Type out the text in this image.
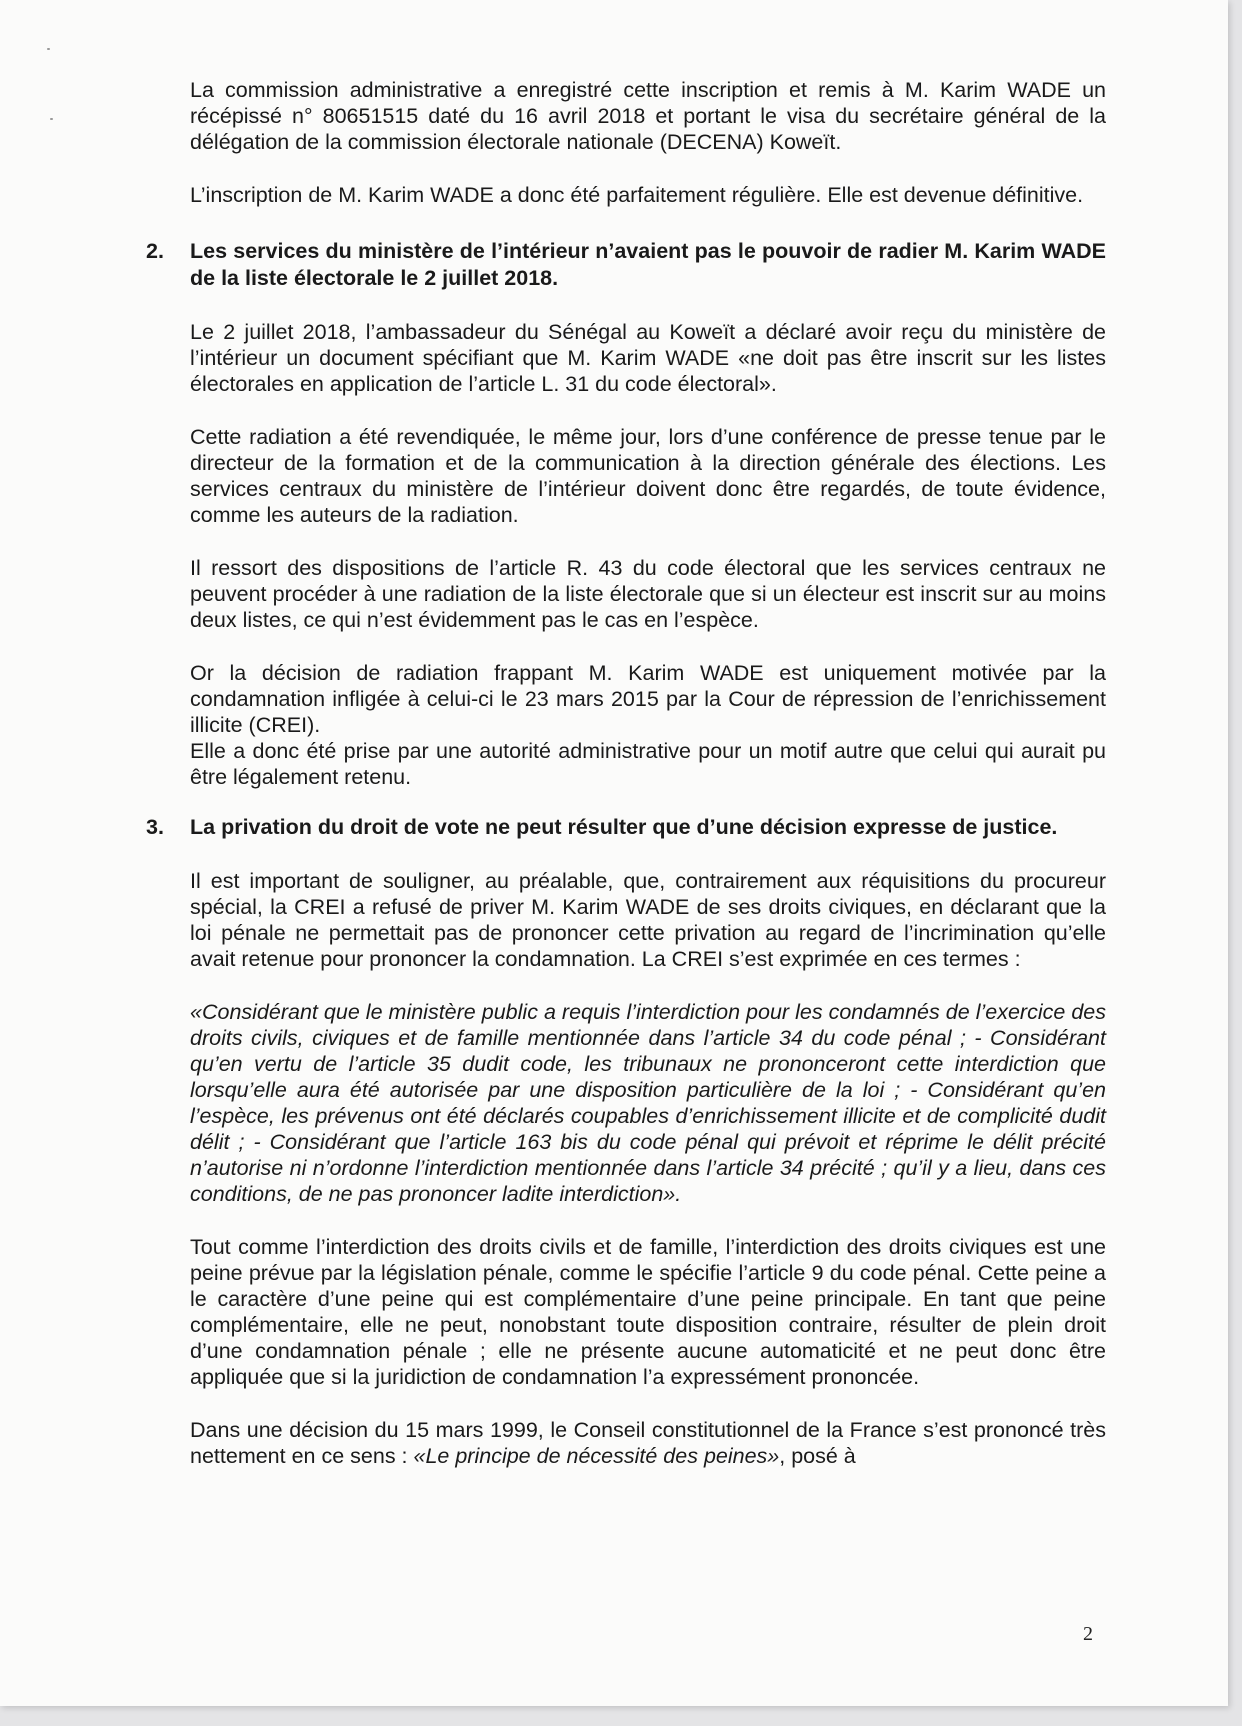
La commission administrative a enregistré cette inscription et remis à M. Karim WADE un récépissé n° 80651515 daté du 16 avril 2018 et portant le visa du secrétaire général de la délégation de la commission électorale nationale (DECENA) Koweït.

L’inscription de M. Karim WADE a donc été parfaitement régulière. Elle est devenue définitive.

2. Les services du ministère de l’intérieur n’avaient pas le pouvoir de radier M. Karim WADE de la liste électorale le 2 juillet 2018.

Le 2 juillet 2018, l’ambassadeur du Sénégal au Koweït a déclaré avoir reçu du ministère de l’intérieur un document spécifiant que M. Karim WADE «ne doit pas être inscrit sur les listes électorales en application de l’article L. 31 du code électoral».

Cette radiation a été revendiquée, le même jour, lors d’une conférence de presse tenue par le directeur de la formation et de la communication à la direction générale des élections. Les services centraux du ministère de l’intérieur doivent donc être regardés, de toute évidence, comme les auteurs de la radiation.

Il ressort des dispositions de l’article R. 43 du code électoral que les services centraux ne peuvent procéder à une radiation de la liste électorale que si un électeur est inscrit sur au moins deux listes, ce qui n’est évidemment pas le cas en l’espèce.

Or la décision de radiation frappant M. Karim WADE est uniquement motivée par la condamnation infligée à celui-ci le 23 mars 2015 par la Cour de répression de l’enrichissement illicite (CREI).

Elle a donc été prise par une autorité administrative pour un motif autre que celui qui aurait pu être légalement retenu.

3. La privation du droit de vote ne peut résulter que d’une décision expresse de justice.

Il est important de souligner, au préalable, que, contrairement aux réquisitions du procureur spécial, la CREI a refusé de priver M. Karim WADE de ses droits civiques, en déclarant que la loi pénale ne permettait pas de prononcer cette privation au regard de l’incrimination qu’elle avait retenue pour prononcer la condamnation. La CREI s’est exprimée en ces termes :

«Considérant que le ministère public a requis l’interdiction pour les condamnés de l’exercice des droits civils, civiques et de famille mentionnée dans l’article 34 du code pénal ; - Considérant qu’en vertu de l’article 35 dudit code, les tribunaux ne prononceront cette interdiction que lorsqu’elle aura été autorisée par une disposition particulière de la loi ; - Considérant qu’en l’espèce, les prévenus ont été déclarés coupables d’enrichissement illicite et de complicité dudit délit ; - Considérant que l’article 163 bis du code pénal qui prévoit et réprime le délit précité n’autorise ni n’ordonne l’interdiction mentionnée dans l’article 34 précité ; qu’il y a lieu, dans ces conditions, de ne pas prononcer ladite interdiction».

Tout comme l’interdiction des droits civils et de famille, l’interdiction des droits civiques est une peine prévue par la législation pénale, comme le spécifie l’article 9 du code pénal. Cette peine a le caractère d’une peine qui est complémentaire d’une peine principale. En tant que peine complémentaire, elle ne peut, nonobstant toute disposition contraire, résulter de plein droit d’une condamnation pénale ; elle ne présente aucune automaticité et ne peut donc être appliquée que si la juridiction de condamnation l’a expressément prononcée.

Dans une décision du 15 mars 1999, le Conseil constitutionnel de la France s’est prononcé très nettement en ce sens : «Le principe de nécessité des peines», posé à

2
